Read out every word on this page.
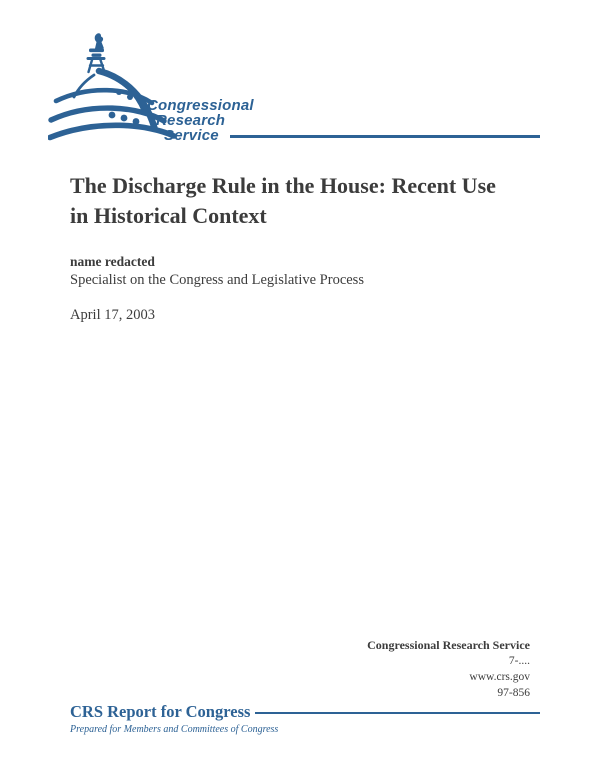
Congressional
Research
Service
The Discharge Rule in the House: Recent Use
in Historical Context
name redacted
Specialist on the Congress and Legislative Process
April 17, 2003
Congressional Research Service
7-....
www.crs.gov
97-856
CRS Report for Congress
Prepared for Members and Committees of Congress
